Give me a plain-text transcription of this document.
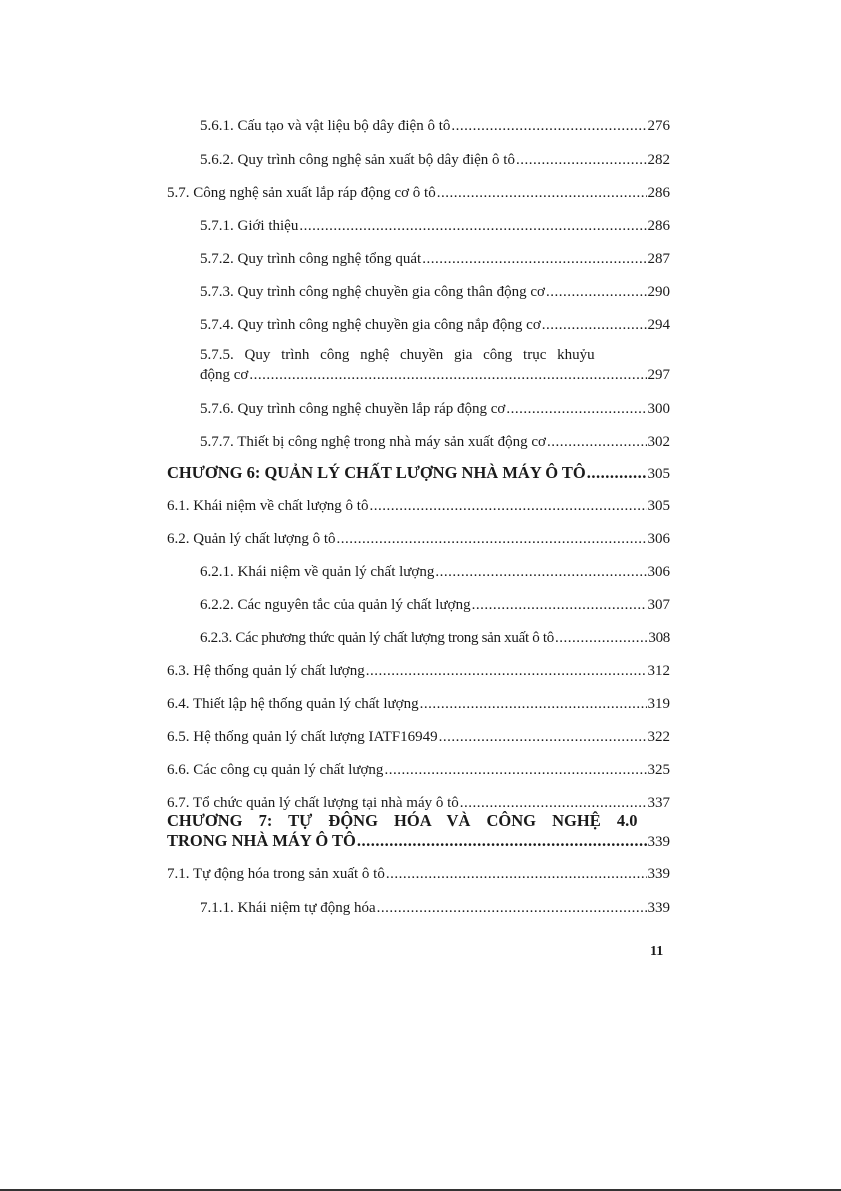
5.6.1. Cấu tạo và vật liệu bộ dây điện ô tô .....	276
5.6.2. Quy trình công nghệ sản xuất bộ dây điện ô tô .....	282
5.7. Công nghệ sản xuất lắp ráp động cơ ô tô .....	286
5.7.1. Giới thiệu .....	286
5.7.2. Quy trình công nghệ tổng quát .....	287
5.7.3. Quy trình công nghệ chuyền gia công thân động cơ .....	290
5.7.4. Quy trình công nghệ chuyền gia công nắp động cơ .....	294
5.7.5. Quy trình công nghệ chuyền gia công trục khuỷu
động cơ .....	297
5.7.6. Quy trình công nghệ chuyền lắp ráp động cơ .....	300
5.7.7. Thiết bị công nghệ trong nhà máy sản xuất động cơ .....	302
CHƯƠNG 6: QUẢN LÝ CHẤT LƯỢNG NHÀ MÁY Ô TÔ .....	305
6.1. Khái niệm về chất lượng ô tô .....	305
6.2. Quản lý chất lượng ô tô .....	306
6.2.1. Khái niệm về quản lý chất lượng .....	306
6.2.2. Các nguyên tắc của quản lý chất lượng .....	307
6.2.3. Các phương thức quản lý chất lượng trong sản xuất ô tô .....	308
6.3. Hệ thống quản lý chất lượng .....	312
6.4. Thiết lập hệ thống quản lý chất lượng .....	319
6.5. Hệ thống quản lý chất lượng IATF16949 .....	322
6.6. Các công cụ quản lý chất lượng .....	325
6.7. Tổ chức quản lý chất lượng tại nhà máy ô tô .....	337
CHƯƠNG 7: TỰ ĐỘNG HÓA VÀ CÔNG NGHỆ 4.0
TRONG NHÀ MÁY Ô TÔ .....	339
7.1. Tự động hóa trong sản xuất ô tô .....	339
7.1.1. Khái niệm tự động hóa .....	339
11
